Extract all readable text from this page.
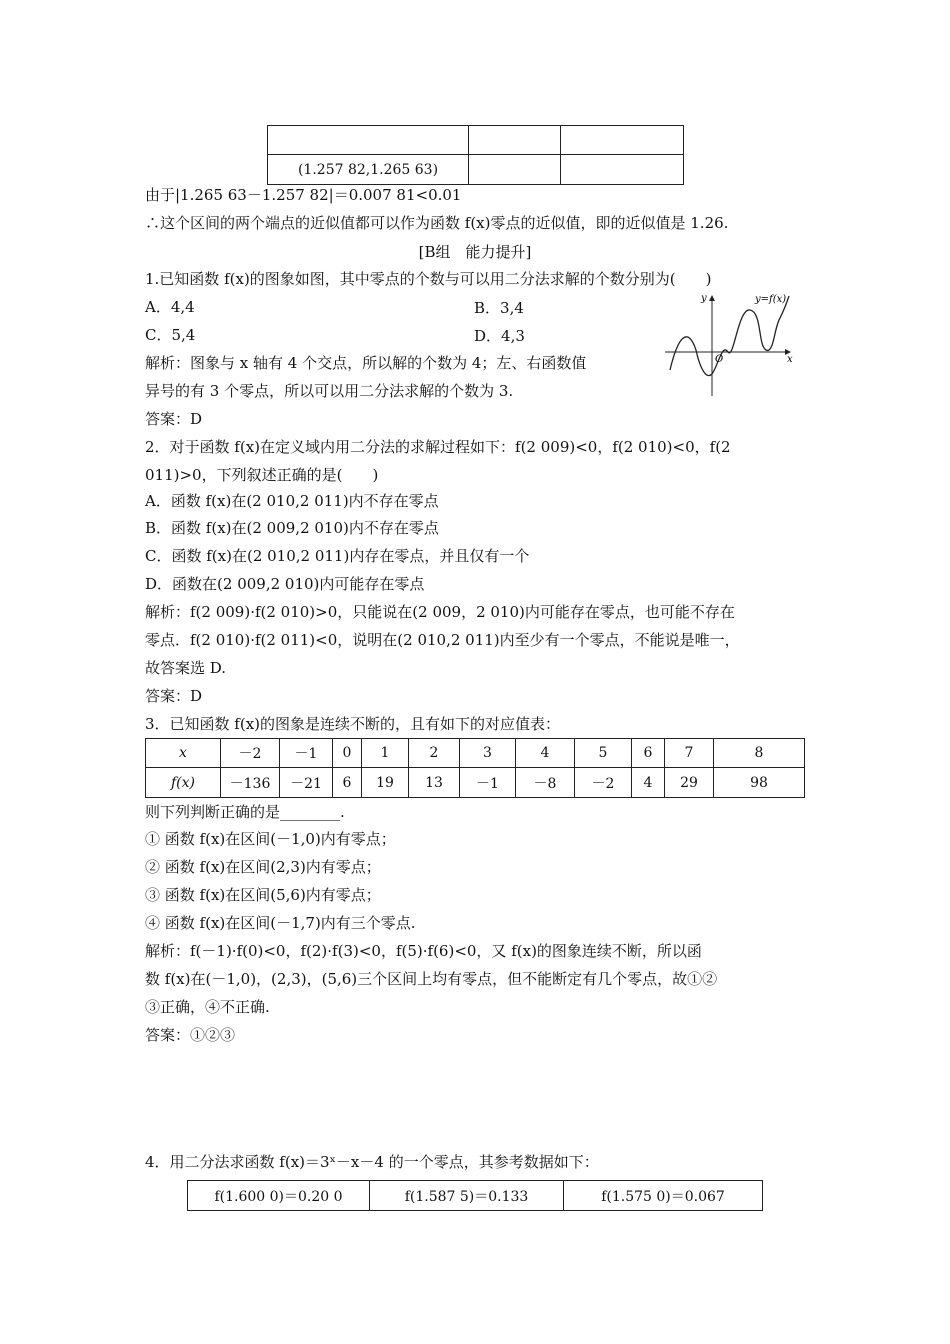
(1.257 82,1.265 63)		
由于|1.265 63－1.257 82|＝0.007 81<0.01
∴这个区间的两个端点的近似值都可以作为函数 f(x)零点的近似值，即的近似值是 1.26.
[B组　能力提升]
1.已知函数 f(x)的图象如图，其中零点的个数与可以用二分法求解的个数分别为(　　)
A．4,4	B．3,4
C．5,4	D．4,3
解析：图象与 x 轴有 4 个交点，所以解的个数为 4；左、右函数值
异号的有 3 个零点，所以可以用二分法求解的个数为 3.
答案：D
y
x
O
y=f(x)
2．对于函数 f(x)在定义域内用二分法的求解过程如下：f(2 009)<0，f(2 010)<0，f(2
011)>0，下列叙述正确的是(　　)
A．函数 f(x)在(2 010,2 011)内不存在零点
B．函数 f(x)在(2 009,2 010)内不存在零点
C．函数 f(x)在(2 010,2 011)内存在零点，并且仅有一个
D．函数在(2 009,2 010)内可能存在零点
解析：f(2 009)·f(2 010)>0，只能说在(2 009，2 010)内可能存在零点，也可能不存在
零点．f(2 010)·f(2 011)<0，说明在(2 010,2 011)内至少有一个零点，不能说是唯一，
故答案选 D.
答案：D
3．已知函数 f(x)的图象是连续不断的，且有如下的对应值表：
x	－2	－1	0	1	2	3	4	5	6	7	8
f(x)	－136	－21	6	19	13	－1	－8	－2	4	29	98
则下列判断正确的是________.
① 函数 f(x)在区间(－1,0)内有零点；
② 函数 f(x)在区间(2,3)内有零点；
③ 函数 f(x)在区间(5,6)内有零点；
④ 函数 f(x)在区间(－1,7)内有三个零点.
解析：f(－1)·f(0)<0，f(2)·f(3)<0，f(5)·f(6)<0，又 f(x)的图象连续不断，所以函
数 f(x)在(－1,0)，(2,3)，(5,6)三个区间上均有零点，但不能断定有几个零点，故①②
③正确，④不正确.
答案：①②③
4．用二分法求函数 f(x)＝3ˣ－x－4 的一个零点，其参考数据如下：
f(1.600 0)＝0.20 0	f(1.587 5)＝0.133	f(1.575 0)＝0.067
